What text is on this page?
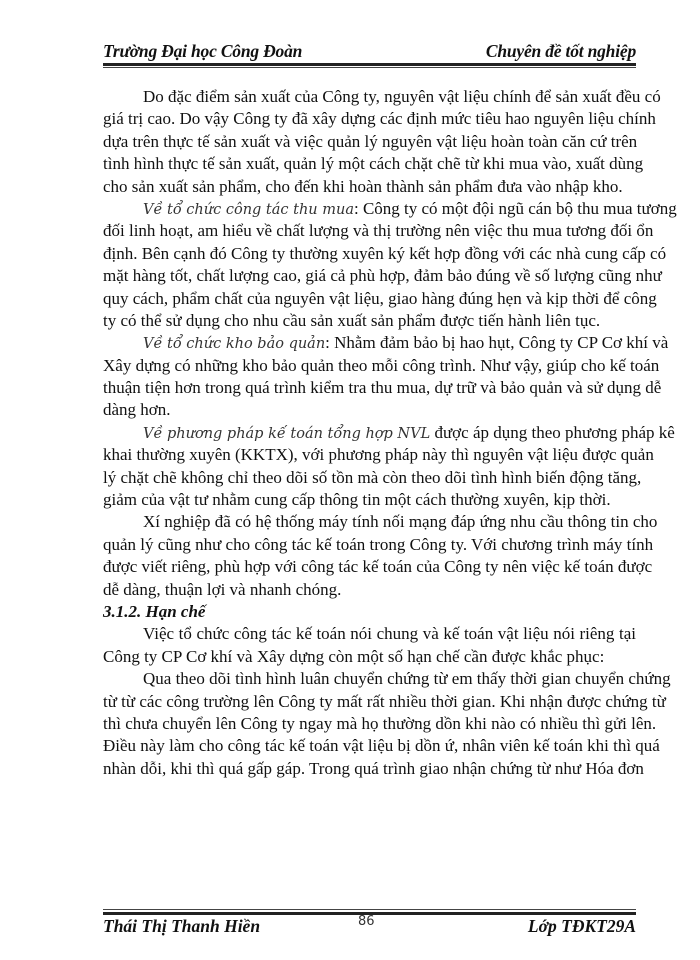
Trường Đại học Công Đoàn	Chuyên đề tốt nghiệp

Do đặc điểm sản xuất của Công ty, nguyên vật liệu chính để sản xuất đều có
giá trị cao. Do vậy Công ty đã xây dựng các định mức tiêu hao nguyên liệu chính
dựa trên thực tế sản xuất và việc quản lý nguyên vật liệu hoàn toàn căn cứ trên
tình hình thực tế sản xuất, quản lý một cách chặt chẽ từ khi mua vào, xuất dùng
cho sản xuất sản phẩm, cho đến khi hoàn thành sản phẩm đưa vào nhập kho.

Về tổ chức công tác thu mua: Công ty có một đội ngũ cán bộ thu mua tương
đối linh hoạt, am hiểu về chất lượng và thị trường nên việc thu mua tương đối ổn
định. Bên cạnh đó Công ty thường xuyên ký kết hợp đồng với các nhà cung cấp có
mặt hàng tốt, chất lượng cao, giá cả phù hợp, đảm bảo đúng về số lượng cũng như
quy cách, phẩm chất của nguyên vật liệu, giao hàng đúng hẹn và kịp thời để công
ty có thể sử dụng cho nhu cầu sản xuất sản phẩm được tiến hành liên tục.

Về tổ chức kho bảo quản: Nhằm đảm bảo bị hao hụt, Công ty CP Cơ khí và
Xây dựng có những kho bảo quản theo mỗi công trình. Như vậy, giúp cho kế toán
thuận tiện hơn trong quá trình kiểm tra thu mua, dự trữ và bảo quản và sử dụng dễ
dàng hơn.

Về phương pháp kế toán tổng hợp NVL được áp dụng theo phương pháp kê
khai thường xuyên (KKTX), với phương pháp này thì nguyên vật liệu được quản
lý chặt chẽ không chỉ theo dõi số tồn mà còn theo dõi tình hình biến động tăng,
giảm của vật tư nhằm cung cấp thông tin một cách thường xuyên, kịp thời.

Xí nghiệp đã có hệ thống máy tính nối mạng đáp ứng nhu cầu thông tin cho
quản lý cũng như cho công tác kế toán trong Công ty. Với chương trình máy tính
được viết riêng, phù hợp với công tác kế toán của Công ty nên việc kế toán được
dễ dàng, thuận lợi và nhanh chóng.

3.1.2. Hạn chế

Việc tổ chức công tác kế toán nói chung và kế toán vật liệu nói riêng tại
Công ty CP Cơ khí và Xây dựng còn một số hạn chế cần được khắc phục:

Qua theo dõi tình hình luân chuyển chứng từ em thấy thời gian chuyển chứng
từ từ các công trường lên Công ty mất rất nhiều thời gian. Khi nhận được chứng từ
thì chưa chuyển lên Công ty ngay mà họ thường dồn khi nào có nhiều thì gửi lên.
Điều này làm cho công tác kế toán vật liệu bị dồn ứ, nhân viên kế toán khi thì quá
nhàn dỗi, khi thì quá gấp gáp. Trong quá trình giao nhận chứng từ như Hóa đơn

Thái Thị Thanh Hiền	86	Lớp TĐKT29A
